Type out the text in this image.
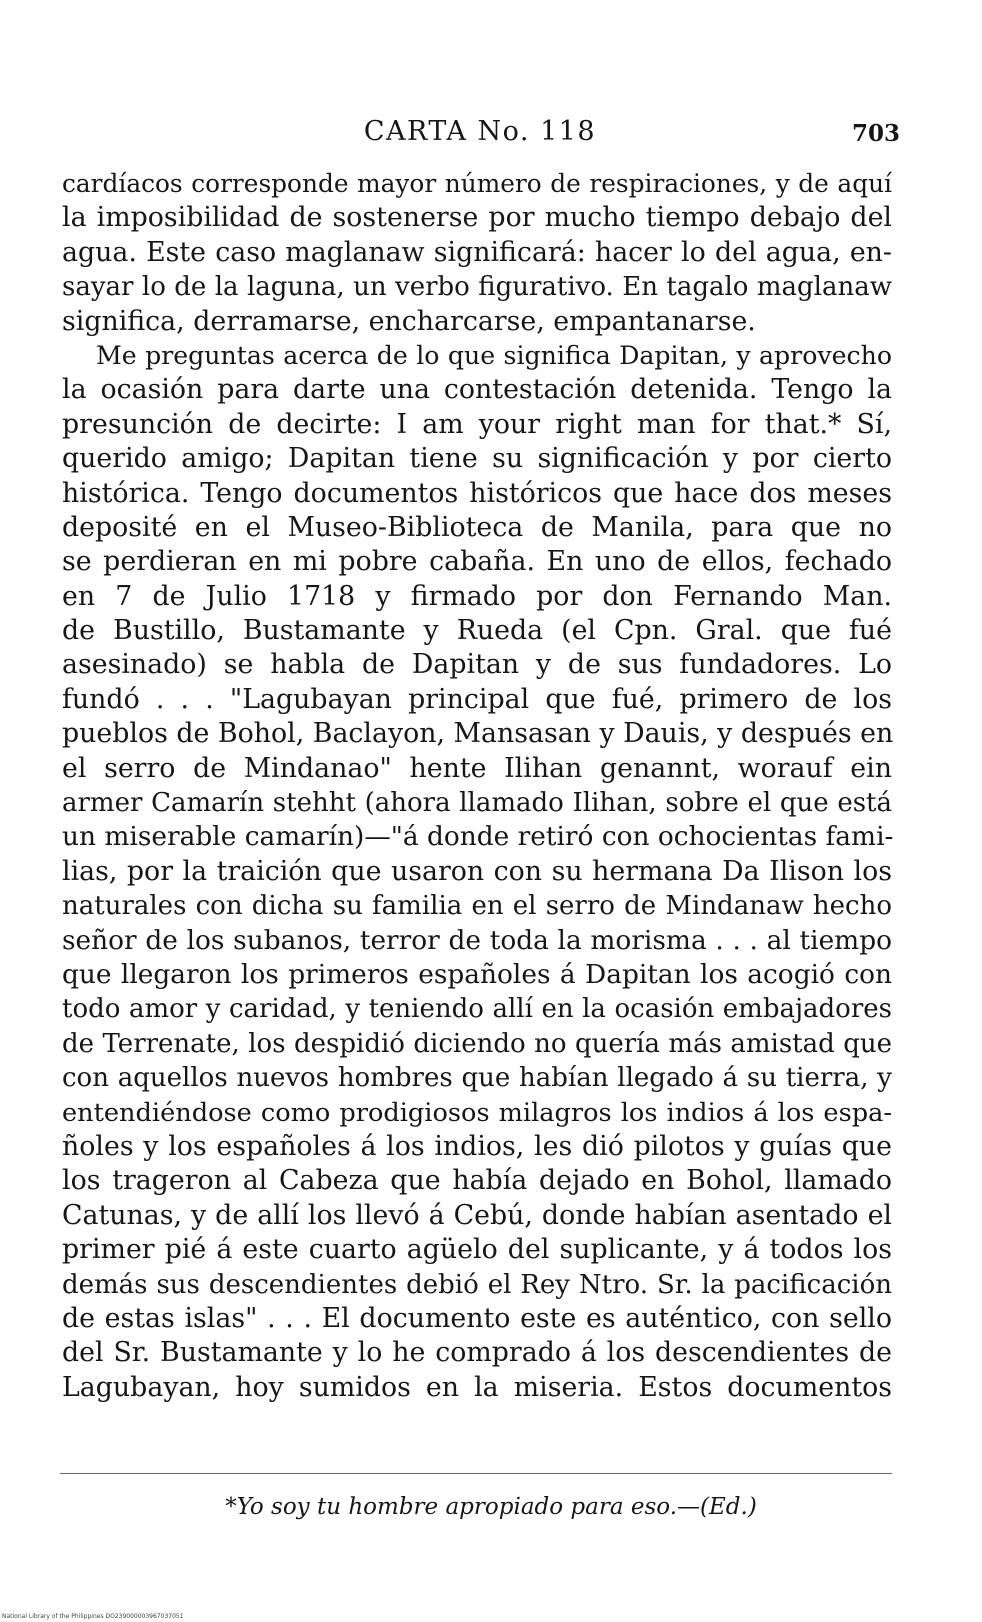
CARTA No. 118	703
cardíacos corresponde mayor número de respiraciones, y de aquí
la imposibilidad de sostenerse por mucho tiempo debajo del
agua. Este caso maglanaw significará: hacer lo del agua, en-
sayar lo de la laguna, un verbo figurativo. En tagalo maglanaw
significa, derramarse, encharcarse, empantanarse.
Me preguntas acerca de lo que significa Dapitan, y aprovecho
la ocasión para darte una contestación detenida. Tengo la
presunción de decirte: I am your right man for that.* Sí,
querido amigo; Dapitan tiene su significación y por cierto
histórica. Tengo documentos históricos que hace dos meses
deposité en el Museo-Biblioteca de Manila, para que no
se perdieran en mi pobre cabaña. En uno de ellos, fechado
en 7 de Julio 1718 y firmado por don Fernando Man.
de Bustillo, Bustamante y Rueda (el Cpn. Gral. que fué
asesinado) se habla de Dapitan y de sus fundadores. Lo
fundó . . . "Lagubayan principal que fué, primero de los
pueblos de Bohol, Baclayon, Mansasan y Dauis, y después en
el serro de Mindanao" hente Ilihan genannt, worauf ein
armer Camarín stehht (ahora llamado Ilihan, sobre el que está
un miserable camarín)—"á donde retiró con ochocientas fami-
lias, por la traición que usaron con su hermana Da Ilison los
naturales con dicha su familia en el serro de Mindanaw hecho
señor de los subanos, terror de toda la morisma . . . al tiempo
que llegaron los primeros españoles á Dapitan los acogió con
todo amor y caridad, y teniendo allí en la ocasión embajadores
de Terrenate, los despidió diciendo no quería más amistad que
con aquellos nuevos hombres que habían llegado á su tierra, y
entendiéndose como prodigiosos milagros los indios á los espa-
ñoles y los españoles á los indios, les dió pilotos y guías que
los trageron al Cabeza que había dejado en Bohol, llamado
Catunas, y de allí los llevó á Cebú, donde habían asentado el
primer pié á este cuarto agüelo del suplicante, y á todos los
demás sus descendientes debió el Rey Ntro. Sr. la pacificación
de estas islas" . . . El documento este es auténtico, con sello
del Sr. Bustamante y lo he comprado á los descendientes de
Lagubayan, hoy sumidos en la miseria. Estos documentos
*Yo soy tu hombre apropiado para eso.—(Ed.)
National Library of the Philippines DO239000003967037051
